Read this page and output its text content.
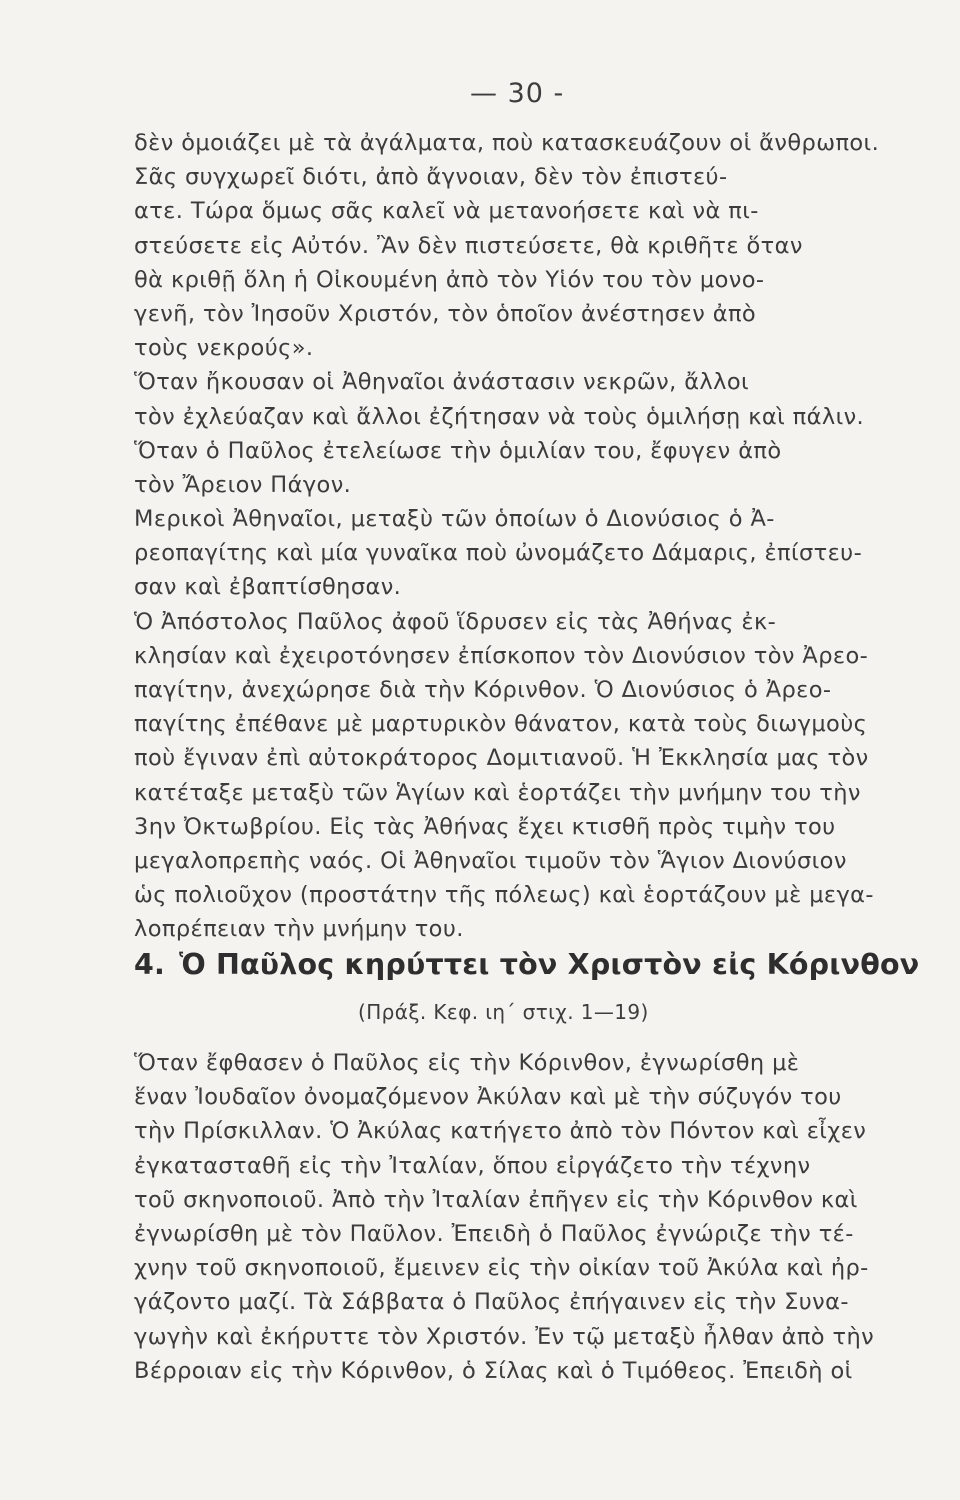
— 30 -
δὲν ὁμοιάζει μὲ τὰ ἀγάλματα, ποὺ κατασκευάζουν οἱ ἄνθρωποι.
Σᾶς συγχωρεῖ διότι, ἀπὸ ἄγνοιαν, δὲν τὸν ἐπιστεύ-
ατε. Τώρα ὅμως σᾶς καλεῖ νὰ μετανοήσετε καὶ νὰ πι-
στεύσετε εἰς Αὐτόν. Ἂν δὲν πιστεύσετε, θὰ κριθῆτε ὅταν
θὰ κριθῇ ὅλη ἡ Οἰκουμένη ἀπὸ τὸν Υἱόν του τὸν μονο-
γενῆ, τὸν Ἰησοῦν Χριστόν, τὸν ὁποῖον ἀνέστησεν ἀπὸ
τοὺς νεκρούς».
Ὅταν ἤκουσαν οἱ Ἀθηναῖοι ἀνάστασιν νεκρῶν, ἄλλοι
τὸν ἐχλεύαζαν καὶ ἄλλοι ἐζήτησαν νὰ τοὺς ὁμιλήσῃ καὶ πάλιν.
Ὅταν ὁ Παῦλος ἐτελείωσε τὴν ὁμιλίαν του, ἔφυγεν ἀπὸ
τὸν Ἄρειον Πάγον.
Μερικοὶ Ἀθηναῖοι, μεταξὺ τῶν ὁποίων ὁ Διονύσιος ὁ Ἀ-
ρεοπαγίτης καὶ μία γυναῖκα ποὺ ὠνομάζετο Δάμαρις, ἐπίστευ-
σαν καὶ ἐβαπτίσθησαν.
Ὁ Ἀπόστολος Παῦλος ἀφοῦ ἵδρυσεν εἰς τὰς Ἀθήνας ἐκ-
κλησίαν καὶ ἐχειροτόνησεν ἐπίσκοπον τὸν Διονύσιον τὸν Ἀρεο-
παγίτην, ἀνεχώρησε διὰ τὴν Κόρινθον. Ὁ Διονύσιος ὁ Ἀρεο-
παγίτης ἐπέθανε μὲ μαρτυρικὸν θάνατον, κατὰ τοὺς διωγμοὺς
ποὺ ἔγιναν ἐπὶ αὐτοκράτορος Δομιτιανοῦ. Ἡ Ἐκκλησία μας τὸν
κατέταξε μεταξὺ τῶν Ἁγίων καὶ ἑορτάζει τὴν μνήμην του τὴν
3ην Ὀκτωβρίου. Εἰς τὰς Ἀθήνας ἔχει κτισθῆ πρὸς τιμὴν του
μεγαλοπρεπὴς ναός. Οἱ Ἀθηναῖοι τιμοῦν τὸν Ἅγιον Διονύσιον
ὡς πολιοῦχον (προστάτην τῆς πόλεως) καὶ ἑορτάζουν μὲ μεγα-
λοπρέπειαν τὴν μνήμην του.
4. Ὁ Παῦλος κηρύττει τὸν Χριστὸν εἰς Κόρινθον
(Πράξ. Κεφ. ιη΄ στιχ. 1—19)
Ὅταν ἔφθασεν ὁ Παῦλος εἰς τὴν Κόρινθον, ἐγνωρίσθη μὲ
ἕναν Ἰουδαῖον ὀνομαζόμενον Ἀκύλαν καὶ μὲ τὴν σύζυγόν του
τὴν Πρίσκιλλαν. Ὁ Ἀκύλας κατήγετο ἀπὸ τὸν Πόντον καὶ εἶχεν
ἐγκατασταθῆ εἰς τὴν Ἰταλίαν, ὅπου εἰργάζετο τὴν τέχνην
τοῦ σκηνοποιοῦ. Ἀπὸ τὴν Ἰταλίαν ἐπῆγεν εἰς τὴν Κόρινθον καὶ
ἐγνωρίσθη μὲ τὸν Παῦλον. Ἐπειδὴ ὁ Παῦλος ἐγνώριζε τὴν τέ-
χνην τοῦ σκηνοποιοῦ, ἔμεινεν εἰς τὴν οἰκίαν τοῦ Ἀκύλα καὶ ἠρ-
γάζοντο μαζί. Τὰ Σάββατα ὁ Παῦλος ἐπήγαινεν εἰς τὴν Συνα-
γωγὴν καὶ ἐκήρυττε τὸν Χριστόν. Ἐν τῷ μεταξὺ ἦλθαν ἀπὸ τὴν
Βέρροιαν εἰς τὴν Κόρινθον, ὁ Σίλας καὶ ὁ Τιμόθεος. Ἐπειδὴ οἱ
